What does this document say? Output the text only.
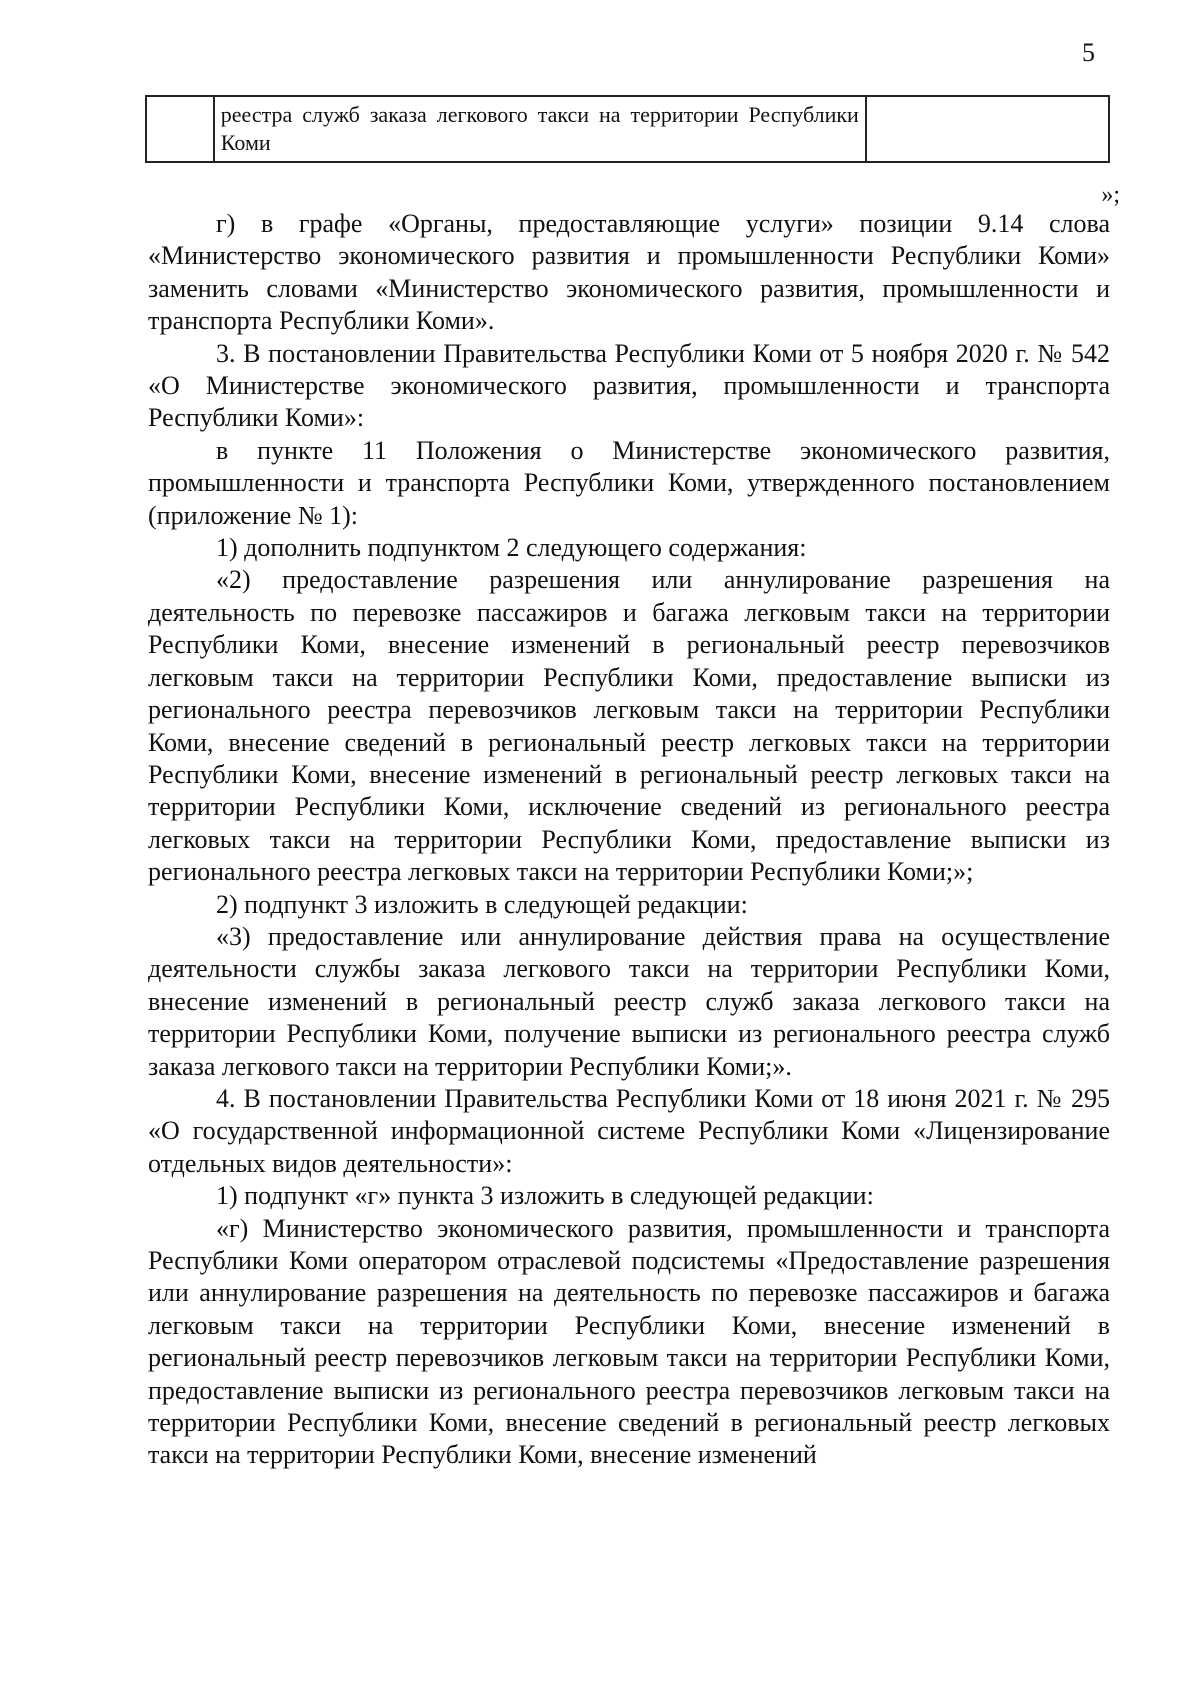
5
	реестра служб заказа легкового такси на территории Республики Коми	
»;

г) в графе «Органы, предоставляющие услуги» позиции 9.14 слова «Министерство экономического развития и промышленности Республики Коми» заменить словами «Министерство экономического развития, промышленности и транспорта Республики Коми».

3. В постановлении Правительства Республики Коми от 5 ноября 2020 г. № 542 «О Министерстве экономического развития, промышленности и транспорта Республики Коми»:

в пункте 11 Положения о Министерстве экономического развития, промышленности и транспорта Республики Коми, утвержденного постановлением (приложение № 1):

1) дополнить подпунктом 2 следующего содержания:

«2) предоставление разрешения или аннулирование разрешения на деятельность по перевозке пассажиров и багажа легковым такси на территории Республики Коми, внесение изменений в региональный реестр перевозчиков легковым такси на территории Республики Коми, предоставление выписки из регионального реестра перевозчиков легковым такси на территории Республики Коми, внесение сведений в региональный реестр легковых такси на территории Республики Коми, внесение изменений в региональный реестр легковых такси на территории Республики Коми, исключение сведений из регионального реестра легковых такси на территории Республики Коми, предоставление выписки из регионального реестра легковых такси на территории Республики Коми;»;

2) подпункт 3 изложить в следующей редакции:

«3) предоставление или аннулирование действия права на осуществление деятельности службы заказа легкового такси на территории Республики Коми, внесение изменений в региональный реестр служб заказа легкового такси на территории Республики Коми, получение выписки из регионального реестра служб заказа легкового такси на территории Республики Коми;».

4. В постановлении Правительства Республики Коми от 18 июня 2021 г. № 295 «О государственной информационной системе Республики Коми «Лицензирование отдельных видов деятельности»:

1) подпункт «г» пункта 3 изложить в следующей редакции:

«г) Министерство экономического развития, промышленности и транспорта Республики Коми оператором отраслевой подсистемы «Предоставление разрешения или аннулирование разрешения на деятельность по перевозке пассажиров и багажа легковым такси на территории Республики Коми, внесение изменений в региональный реестр перевозчиков легковым такси на территории Республики Коми, предоставление выписки из регионального реестра перевозчиков легковым такси на территории Республики Коми, внесение сведений в региональный реестр легковых такси на территории Республики Коми, внесение изменений
